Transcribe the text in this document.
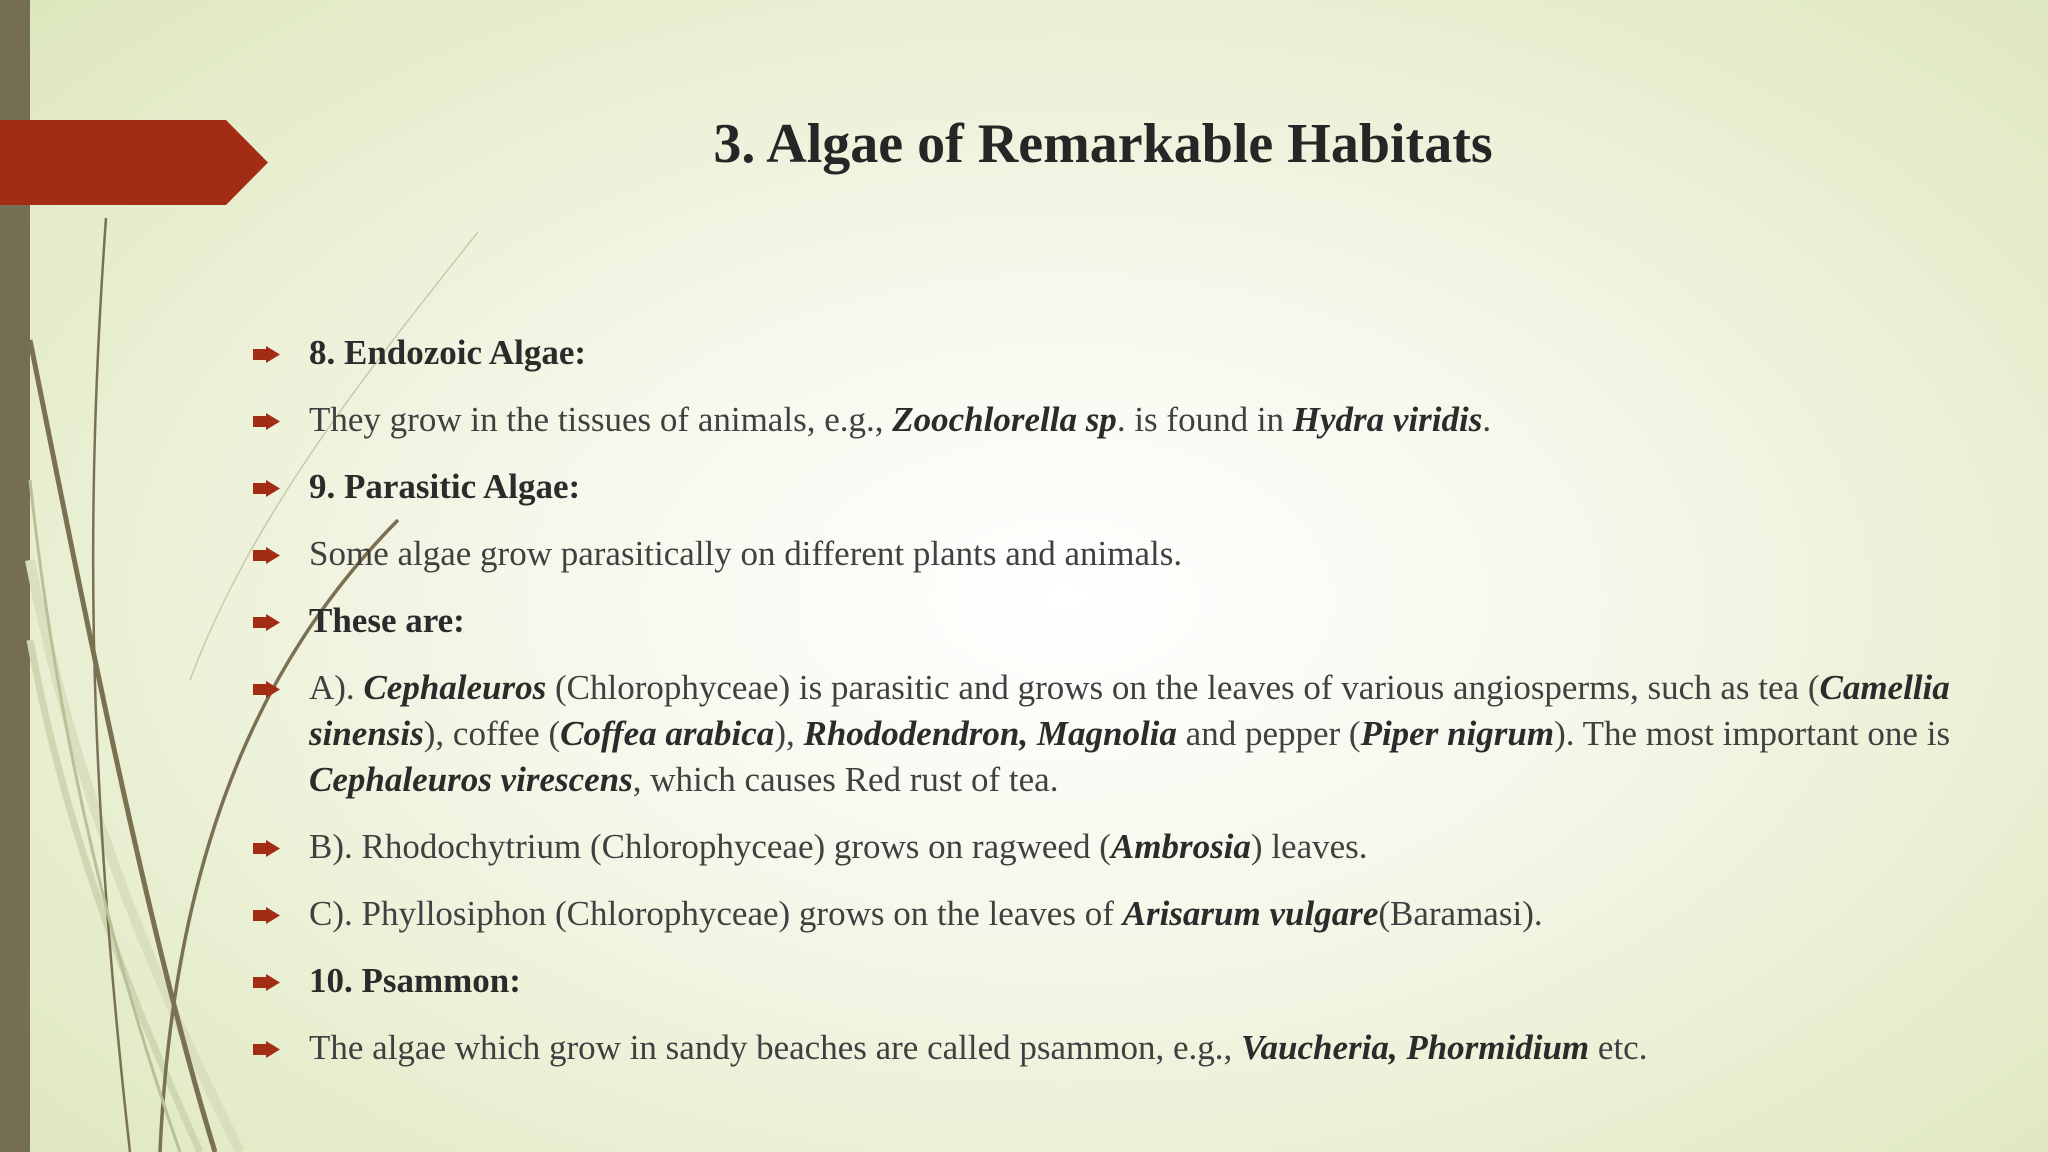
3. Algae of Remarkable Habitats
8. Endozoic Algae:
They grow in the tissues of animals, e.g., Zoochlorella sp. is found in Hydra viridis.
9. Parasitic Algae:
Some algae grow parasitically on different plants and animals.
These are:
A). Cephaleuros (Chlorophyceae) is parasitic and grows on the leaves of various angiosperms, such as tea (Camellia sinensis), coffee (Coffea arabica), Rhododendron, Magnolia and pepper (Piper nigrum). The most important one is Cephaleuros virescens, which causes Red rust of tea.
B). Rhodochytrium (Chlorophyceae) grows on ragweed (Ambrosia) leaves.
C). Phyllosiphon (Chlorophyceae) grows on the leaves of Arisarum vulgare(Baramasi).
10. Psammon:
The algae which grow in sandy beaches are called psammon, e.g., Vaucheria, Phormidium etc.
